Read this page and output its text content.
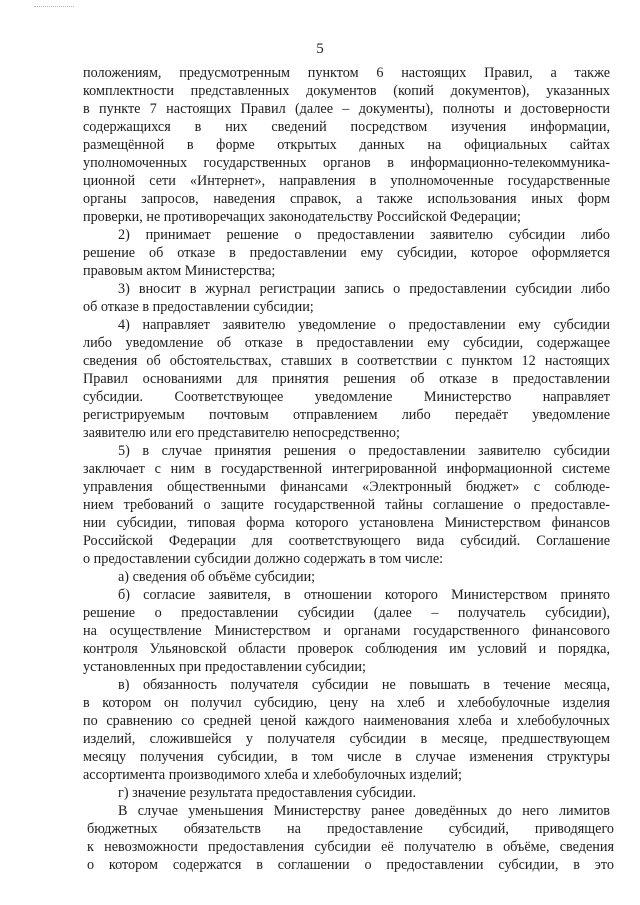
5
положениям, предусмотренным пунктом 6 настоящих Правил, а также
комплектности представленных документов (копий документов), указанных
в пункте 7 настоящих Правил (далее – документы), полноты и достоверности
содержащихся в них сведений посредством изучения информации,
размещённой в форме открытых данных на официальных сайтах
уполномоченных государственных органов в информационно-телекоммуника-
ционной сети «Интернет», направления в уполномоченные государственные
органы запросов, наведения справок, а также использования иных форм
проверки, не противоречащих законодательству Российской Федерации;
2) принимает решение о предоставлении заявителю субсидии либо
решение об отказе в предоставлении ему субсидии, которое оформляется
правовым актом Министерства;
3) вносит в журнал регистрации запись о предоставлении субсидии либо
об отказе в предоставлении субсидии;
4) направляет заявителю уведомление о предоставлении ему субсидии
либо уведомление об отказе в предоставлении ему субсидии, содержащее
сведения об обстоятельствах, ставших в соответствии с пунктом 12 настоящих
Правил основаниями для принятия решения об отказе в предоставлении
субсидии. Соответствующее уведомление Министерство направляет
регистрируемым почтовым отправлением либо передаёт уведомление
заявителю или его представителю непосредственно;
5) в случае принятия решения о предоставлении заявителю субсидии
заключает с ним в государственной интегрированной информационной системе
управления общественными финансами «Электронный бюджет» с соблюде-
нием требований о защите государственной тайны соглашение о предоставле-
нии субсидии, типовая форма которого установлена Министерством финансов
Российской Федерации для соответствующего вида субсидий. Соглашение
о предоставлении субсидии должно содержать в том числе:
а) сведения об объёме субсидии;
б) согласие заявителя, в отношении которого Министерством принято
решение о предоставлении субсидии (далее – получатель субсидии),
на осуществление Министерством и органами государственного финансового
контроля Ульяновской области проверок соблюдения им условий и порядка,
установленных при предоставлении субсидии;
в) обязанность получателя субсидии не повышать в течение месяца,
в котором он получил субсидию, цену на хлеб и хлебобулочные изделия
по сравнению со средней ценой каждого наименования хлеба и хлебобулочных
изделий, сложившейся у получателя субсидии в месяце, предшествующем
месяцу получения субсидии, в том числе в случае изменения структуры
ассортимента производимого хлеба и хлебобулочных изделий;
г) значение результата предоставления субсидии.
В случае уменьшения Министерству ранее доведённых до него лимитов
бюджетных обязательств на предоставление субсидий, приводящего
к невозможности предоставления субсидии её получателю в объёме, сведения
о котором содержатся в соглашении о предоставлении субсидии, в это
